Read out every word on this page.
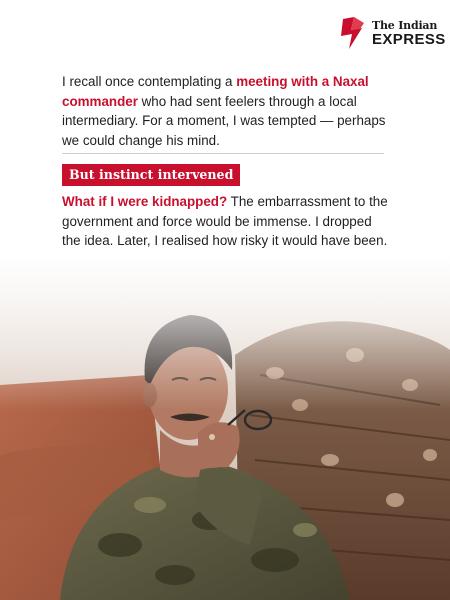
The Indian
EXPRESS

I recall once contemplating a meeting with a Naxal commander who had sent feelers through a local intermediary. For a moment, I was tempted — perhaps we could change his mind.

But instinct intervened

What if I were kidnapped? The embarrassment to the government and force would be immense. I dropped the idea. Later, I realised how risky it would have been.
